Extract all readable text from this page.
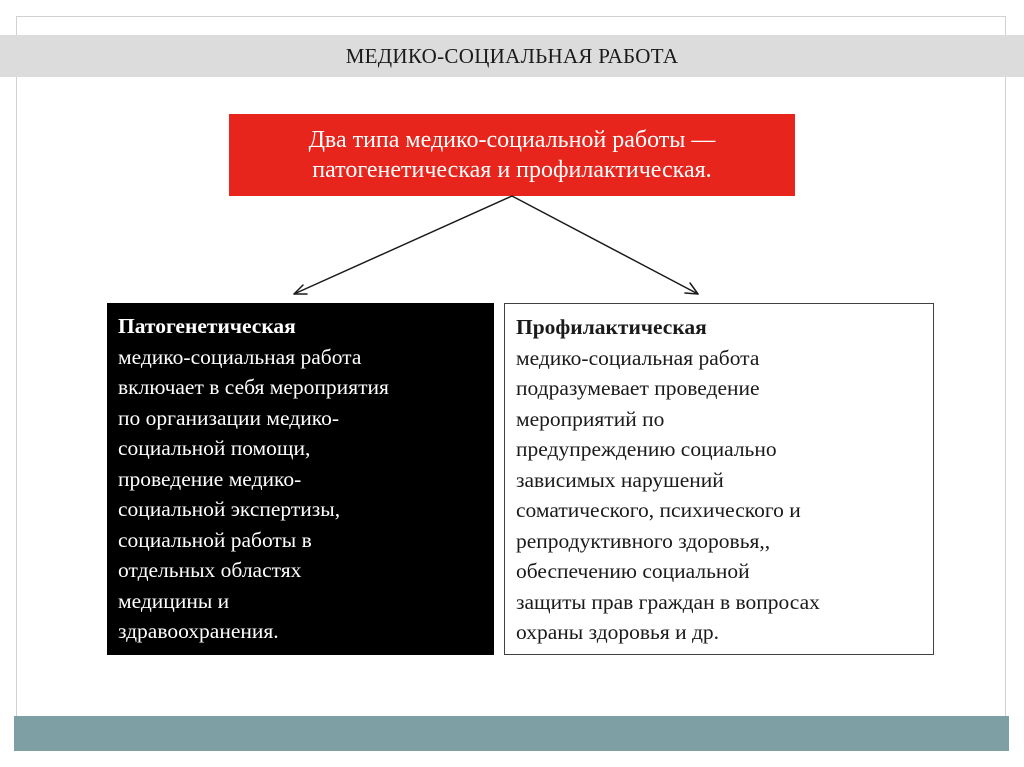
МЕДИКО-СОЦИАЛЬНАЯ РАБОТА
Два типа медико-социальной работы —
патогенетическая и профилактическая.
Патогенетическая
медико-социальная работа
включает в себя мероприятия
по организации медико-
социальной помощи,
проведение медико-
социальной экспертизы,
социальной работы в
отдельных областях
медицины и
здравоохранения.
Профилактическая
медико-социальная работа
подразумевает проведение
мероприятий по
предупреждению социально
зависимых нарушений
соматического, психического и
репродуктивного здоровья,,
обеспечению социальной
защиты прав граждан в вопросах
охраны здоровья и др.
